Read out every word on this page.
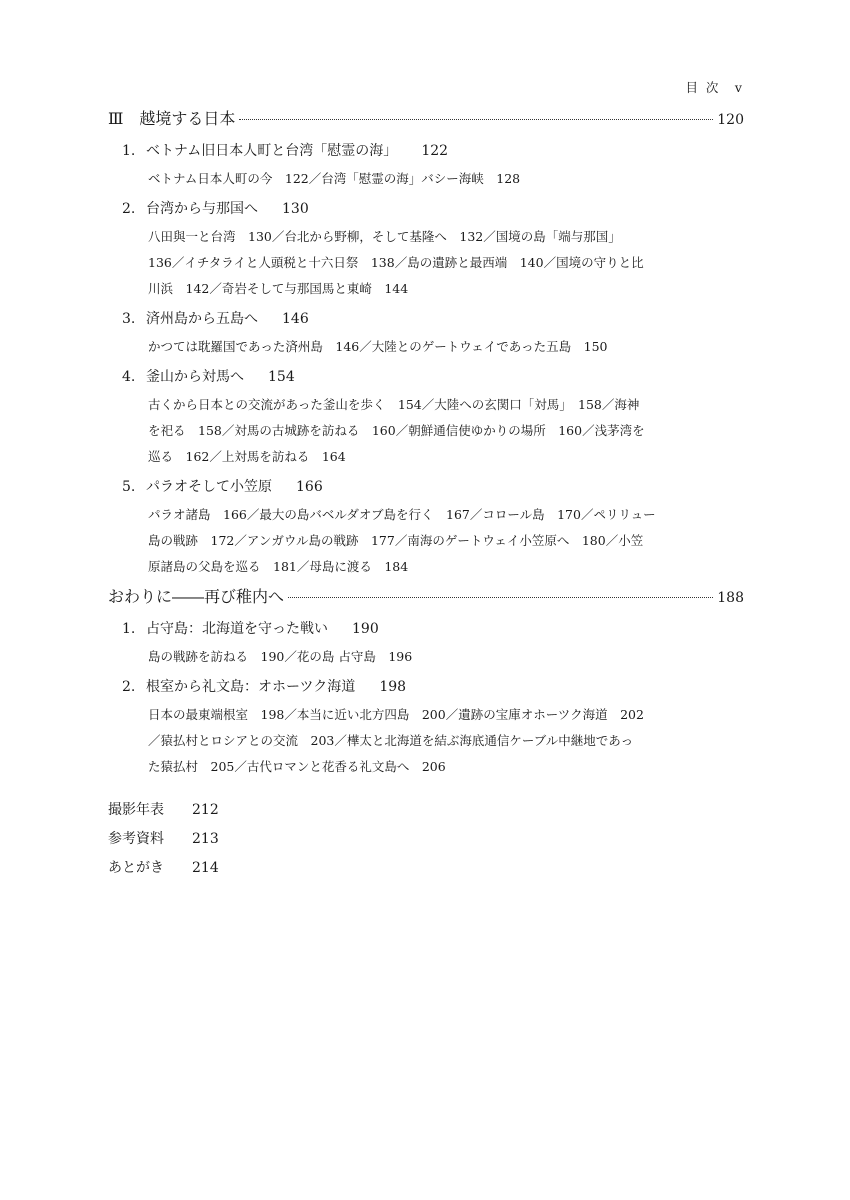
目 次　v
Ⅲ　越境する日本	120
1. ベトナム旧日本人町と台湾「慰霊の海」 122
ベトナム日本人町の今　122／台湾「慰霊の海」バシー海峡　128
2. 台湾から与那国へ 130
八田與一と台湾　130／台北から野柳，そして基隆へ　132／国境の島「端与那国」
136／イチタライと人頭税と十六日祭　138／島の遺跡と最西端　140／国境の守りと比
川浜　142／奇岩そして与那国馬と東崎　144
3. 済州島から五島へ 146
かつては耽羅国であった済州島　146／大陸とのゲートウェイであった五島　150
4. 釜山から対馬へ 154
古くから日本との交流があった釜山を歩く　154／大陸への玄関口「対馬」　158／海神
を祀る　158／対馬の古城跡を訪ねる　160／朝鮮通信使ゆかりの場所　160／浅茅湾を
巡る　162／上対馬を訪ねる　164
5. パラオそして小笠原 166
パラオ諸島　166／最大の島バベルダオブ島を行く　167／コロール島　170／ペリリュー
島の戦跡　172／アンガウル島の戦跡　177／南海のゲートウェイ小笠原へ　180／小笠
原諸島の父島を巡る　181／母島に渡る　184
おわりに――再び稚内へ	188
1. 占守島：北海道を守った戦い 190
島の戦跡を訪ねる　190／花の島 占守島　196
2. 根室から礼文島：オホーツク海道 198
日本の最東端根室　198／本当に近い北方四島　200／遺跡の宝庫オホーツク海道　202
／猿払村とロシアとの交流　203／樺太と北海道を結ぶ海底通信ケーブル中継地であっ
た猿払村　205／古代ロマンと花香る礼文島へ　206
撮影年表 212
参考資料 213
あとがき 214
